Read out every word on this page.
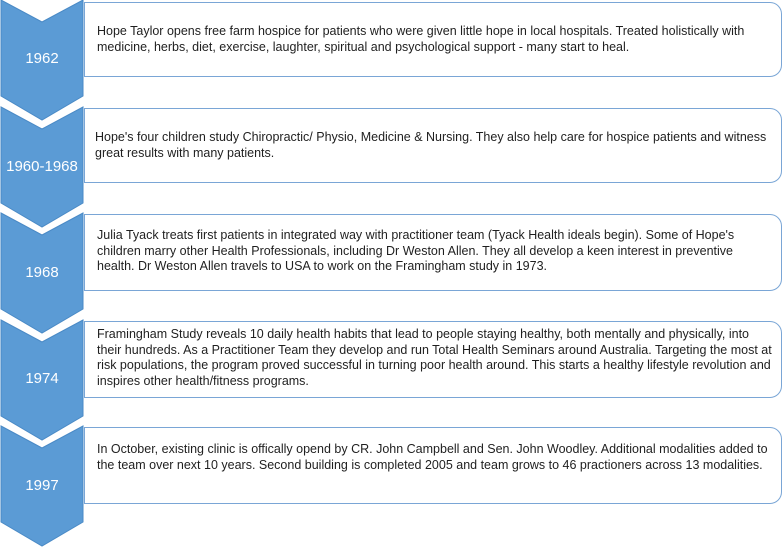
1962
Hope Taylor opens free farm hospice for patients who were given little hope in local hospitals. Treated holistically with medicine, herbs, diet, exercise, laughter, spiritual and psychological support - many start to heal.
1960-1968
Hope's four children study Chiropractic/ Physio, Medicine & Nursing. They also help care for hospice patients and witness great results with many patients.
1968
Julia Tyack treats first patients in integrated way with practitioner team (Tyack Health ideals begin). Some of Hope's children marry other Health Professionals, including Dr Weston Allen. They all develop a keen interest in preventive health. Dr Weston Allen travels to USA to work on the Framingham study in 1973.
1974
Framingham Study reveals 10 daily health habits that lead to people staying healthy, both mentally and physically, into their hundreds. As a Practitioner Team they develop and run Total Health Seminars around Australia. Targeting the most at risk populations, the program proved successful in turning poor health around. This starts a healthy lifestyle revolution and inspires other health/fitness programs.
1997
In October, existing clinic is offically opend by CR. John Campbell and Sen. John Woodley. Additional modalities added to the team over next 10 years. Second building is completed 2005 and team grows to 46 practioners across 13 modalities.
